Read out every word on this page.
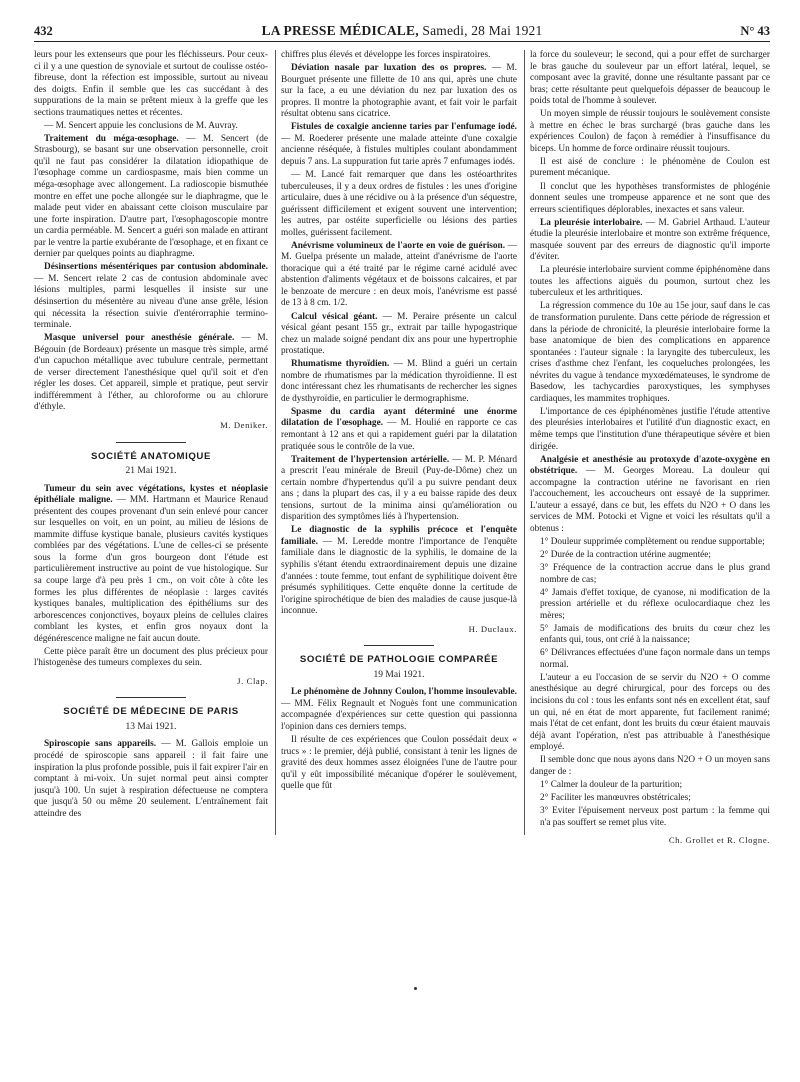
432	LA PRESSE MÉDICALE, Samedi, 28 Mai 1921	N° 43

leurs pour les extenseurs que pour les fléchisseurs. Pour ceux-ci il y a une question de synoviale et surtout de coulisse ostéo-fibreuse, dont la réfection est impossible, surtout au niveau des doigts. Enfin il semble que les cas succédant à des suppurations de la main se prêtent mieux à la greffe que les sections traumatiques nettes et récentes.

— M. Sencert appuie les conclusions de M. Auvray.

Traitement du méga-œsophage. — M. Sencert (de Strasbourg), se basant sur une observation personnelle, croit qu'il ne faut pas considérer la dilatation idiopathique de l'œsophage comme un cardiospasme, mais bien comme un méga-œsophage avec allongement. La radioscopie bismuthée montre en effet une poche allongée sur le diaphragme, que le malade peut vider en abaissant cette cloison musculaire par une forte inspiration. D'autre part, l'œsophagoscopie montre un cardia perméable. M. Sencert a guéri son malade en attirant par le ventre la partie exubérante de l'œsophage, et en fixant ce dernier par quelques points au diaphragme.

Désinsertions mésentériques par contusion abdominale. — M. Sencert relate 2 cas de contusion abdominale avec lésions multiples, parmi lesquelles il insiste sur une désinsertion du mésentère au niveau d'une anse grêle, lésion qui nécessita la résection suivie d'entérorraphie termino-terminale.

Masque universel pour anesthésie générale. — M. Bégouin (de Bordeaux) présente un masque très simple, armé d'un capuchon métallique avec tubulure centrale, permettant de verser directement l'anesthésique quel qu'il soit et d'en régler les doses. Cet appareil, simple et pratique, peut servir indifféremment à l'éther, au chloroforme ou au chlorure d'éthyle.

M. Deniker.
SOCIÉTÉ ANATOMIQUE
21 Mai 1921.

Tumeur du sein avec végétations, kystes et néoplasie épithéliale maligne. — MM. Hartmann et Maurice Renaud présentent des coupes provenant d'un sein enlevé pour cancer sur lesquelles on voit, en un point, au milieu de lésions de mammite diffuse kystique banale, plusieurs cavités kystiques comblées par des végétations. L'une de celles-ci se présente sous la forme d'un gros bourgeon dont l'étude est particulièrement instructive au point de vue histologique. Sur sa coupe large d'à peu près 1 cm., on voit côte à côte les formes les plus différentes de néoplasie : larges cavités kystiques banales, multiplication des épithéliums sur des arborescences conjonctives, boyaux pleins de cellules claires comblant les kystes, et enfin gros noyaux dont la dégénérescence maligne ne fait aucun doute.

Cette pièce paraît être un document des plus précieux pour l'histogenèse des tumeurs complexes du sein.

J. Clap.
SOCIÉTÉ DE MÉDECINE DE PARIS
13 Mai 1921.

Spiroscopie sans appareils. — M. Gallois emploie un procédé de spiroscopie sans appareil : il fait faire une inspiration la plus profonde possible, puis il fait expirer l'air en comptant à mi-voix. Un sujet normal peut ainsi compter jusqu'à 100. Un sujet à respiration défectueuse ne comptera que jusqu'à 50 ou même 20 seulement. L'entraînement fait atteindre des

chiffres plus élevés et développe les forces inspiratoires.

Déviation nasale par luxation des os propres. — M. Bourguet présente une fillette de 10 ans qui, après une chute sur la face, a eu une déviation du nez par luxation des os propres. Il montre la photographie avant, et fait voir le parfait résultat obtenu sans cicatrice.

Fistules de coxalgie ancienne taries par l'enfumage iodé. — M. Roederer présente une malade atteinte d'une coxalgie ancienne réséquée, à fistules multiples coulant abondamment depuis 7 ans. La suppuration fut tarie après 7 enfumages iodés.

— M. Lancé fait remarquer que dans les ostéoarthrites tuberculeuses, il y a deux ordres de fistules : les unes d'origine articulaire, dues à une récidive ou à la présence d'un séquestre, guérissent difficilement et exigent souvent une intervention; les autres, par ostéite superficielle ou lésions des parties molles, guérissent facilement.

Anévrisme volumineux de l'aorte en voie de guérison. — M. Guelpa présente un malade, atteint d'anévrisme de l'aorte thoracique qui a été traité par le régime carné acidulé avec abstention d'aliments végétaux et de boissons calcaires, et par le benzoate de mercure : en deux mois, l'anévrisme est passé de 13 à 8 cm. 1/2.

Calcul vésical géant. — M. Peraire présente un calcul vésical géant pesant 155 gr., extrait par taille hypogastrique chez un malade soigné pendant dix ans pour une hypertrophie prostatique.

Rhumatisme thyroïdien. — M. Blind a guéri un certain nombre de rhumatismes par la médication thyroïdienne. Il est donc intéressant chez les rhumatisants de rechercher les signes de dysthyroïdie, en particulier le dermographisme.

Spasme du cardia ayant déterminé une énorme dilatation de l'œsophage. — M. Houlié en rapporte ce cas remontant à 12 ans et qui a rapidement guéri par la dilatation pratiquée sous le contrôle de la vue.

Traitement de l'hypertension artérielle. — M. P. Ménard a prescrit l'eau minérale de Breuil (Puy-de-Dôme) chez un certain nombre d'hypertendus qu'il a pu suivre pendant deux ans ; dans la plupart des cas, il y a eu baisse rapide des deux tensions, surtout de la minima ainsi qu'amélioration ou disparition des symptômes liés à l'hypertension.

Le diagnostic de la syphilis précoce et l'enquête familiale. — M. Leredde montre l'importance de l'enquête familiale dans le diagnostic de la syphilis, le domaine de la syphilis s'étant étendu extraordinairement depuis une dizaine d'années : toute femme, tout enfant de syphilitique doivent être présumés syphilitiques. Cette enquête donne la certitude de l'origine spirochétique de bien des maladies de cause jusque-là inconnue.

H. Duclaux.
SOCIÉTÉ DE PATHOLOGIE COMPARÉE
19 Mai 1921.

Le phénomène de Johnny Coulon, l'homme insoulevable. — MM. Félix Regnault et Noguès font une communication accompagnée d'expériences sur cette question qui passionna l'opinion dans ces derniers temps.

Il résulte de ces expériences que Coulon possédait deux « trucs » : le premier, déjà publié, consistant à tenir les lignes de gravité des deux hommes assez éloignées l'une de l'autre pour qu'il y eût impossibilité mécanique d'opérer le soulèvement, quelle que fût

la force du souleveur; le second, qui a pour effet de surcharger le bras gauche du souleveur par un effort latéral, lequel, se composant avec la gravité, donne une résultante passant par ce bras; cette résultante peut quelquefois dépasser de beaucoup le poids total de l'homme à soulever.

Un moyen simple de réussir toujours le soulèvement consiste à mettre en échec le bras surchargé (bras gauche dans les expériences Coulon) de façon à remédier à l'insuffisance du biceps. Un homme de force ordinaire réussit toujours.

Il est aisé de conclure : le phénomène de Coulon est purement mécanique.

Il conclut que les hypothèses transformistes de phlogénie donnent seules une trompeuse apparence et ne sont que des erreurs scientifiques déplorables, inexactes et sans valeur.

La pleurésie interlobaire. — M. Gabriel Arthaud. L'auteur étudie la pleurésie interlobaire et montre son extrême fréquence, masquée souvent par des erreurs de diagnostic qu'il importe d'éviter.

La pleurésie interlobaire survient comme épiphénomène dans toutes les affections aiguës du poumon, surtout chez les tuberculeux et les arthritiques.

La régression commence du 10e au 15e jour, sauf dans le cas de transformation purulente. Dans cette période de régression et dans la période de chronicité, la pleurésie interlobaire forme la base anatomique de bien des complications en apparence spontanées : l'auteur signale : la laryngite des tuberculeux, les crises d'asthme chez l'enfant, les coqueluches prolongées, les névrites du vague à tendance myxœdémateuses, le syndrome de Basedow, les tachycardies paroxystiques, les symphyses cardiaques, les mammites trophiques.

L'importance de ces épiphénomènes justifie l'étude attentive des pleurésies interlobaires et l'utilité d'un diagnostic exact, en même temps que l'institution d'une thérapeutique sévère et bien dirigée.

Analgésie et anesthésie au protoxyde d'azote-oxygène en obstétrique. — M. Georges Moreau. La douleur qui accompagne la contraction utérine ne favorisant en rien l'accouchement, les accoucheurs ont essayé de la supprimer. L'auteur a essayé, dans ce but, les effets du N2O + O dans les services de MM. Potocki et Vigne et voici les résultats qu'il a obtenus :

1° Douleur supprimée complètement ou rendue supportable;

2° Durée de la contraction utérine augmentée;

3° Fréquence de la contraction accrue dans le plus grand nombre de cas;

4° Jamais d'effet toxique, de cyanose, ni modification de la pression artérielle et du réflexe oculocardiaque chez les mères;

5° Jamais de modifications des bruits du cœur chez les enfants qui, tous, ont crié à la naissance;

6° Délivrances effectuées d'une façon normale dans un temps normal.

L'auteur a eu l'occasion de se servir du N2O + O comme anesthésique au degré chirurgical, pour des forceps ou des incisions du col : tous les enfants sont nés en excellent état, sauf un qui, né en état de mort apparente, fut facilement ranimé; mais l'état de cet enfant, dont les bruits du cœur étaient mauvais déjà avant l'opération, n'est pas attribuable à l'anesthésique employé.

Il semble donc que nous ayons dans N2O + O un moyen sans danger de :

1° Calmer la douleur de la parturition;

2° Faciliter les manœuvres obstétricales;

3° Eviter l'épuisement nerveux post partum : la femme qui n'a pas souffert se remet plus vite.

Ch. Grollet et R. Clogne.
